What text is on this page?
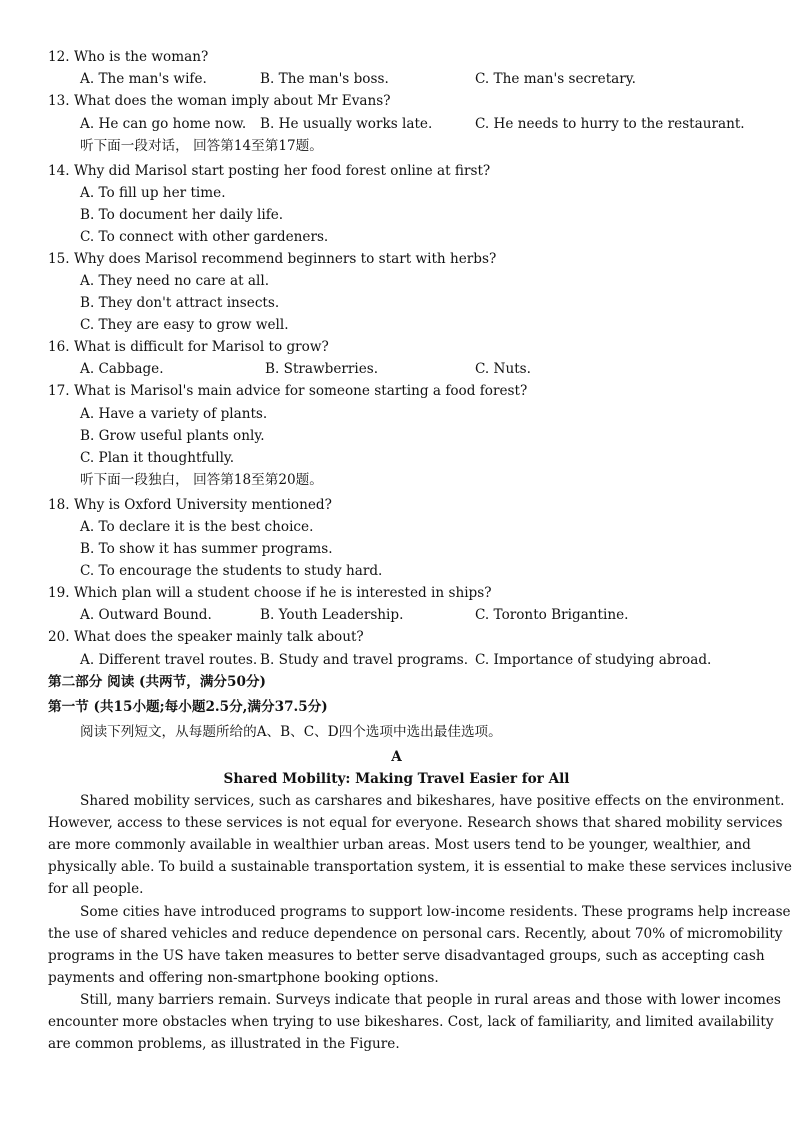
12. Who is the woman?
A. The man's wife.	B. The man's boss.	C. The man's secretary.
13. What does the woman imply about Mr Evans?
A. He can go home now. B. He usually works late.	C. He needs to hurry to the restaurant.
听下面一段对话， 回答第14至第17题。
14. Why did Marisol start posting her food forest online at first?
A. To fill up her time.
B. To document her daily life.
C. To connect with other gardeners.
15. Why does Marisol recommend beginners to start with herbs?
A. They need no care at all.
B. They don't attract insects.
C. They are easy to grow well.
16. What is difficult for Marisol to grow?
A. Cabbage.	B. Strawberries.	C. Nuts.
17. What is Marisol's main advice for someone starting a food forest?
A. Have a variety of plants.
B. Grow useful plants only.
C. Plan it thoughtfully.
听下面一段独白， 回答第18至第20题。
18. Why is Oxford University mentioned?
A. To declare it is the best choice.
B. To show it has summer programs.
C. To encourage the students to study hard.
19. Which plan will a student choose if he is interested in ships?
A. Outward Bound.	B. Youth Leadership.	C. Toronto Brigantine.
20. What does the speaker mainly talk about?
A. Different travel routes. B. Study and travel programs. C. Importance of studying abroad.
第二部分 阅读 (共两节，满分50分)
第一节 (共15小题;每小题2.5分,满分37.5分)
阅读下列短文，从每题所给的A、B、C、D四个选项中选出最佳选项。
A
Shared Mobility: Making Travel Easier for All
Shared mobility services, such as carshares and bikeshares, have positive effects on the environment.
However, access to these services is not equal for everyone. Research shows that shared mobility services
are more commonly available in wealthier urban areas. Most users tend to be younger, wealthier, and
physically able. To build a sustainable transportation system, it is essential to make these services inclusive
for all people.
Some cities have introduced programs to support low-income residents. These programs help increase
the use of shared vehicles and reduce dependence on personal cars. Recently, about 70% of micromobility
programs in the US have taken measures to better serve disadvantaged groups, such as accepting cash
payments and offering non-smartphone booking options.
Still, many barriers remain. Surveys indicate that people in rural areas and those with lower incomes
encounter more obstacles when trying to use bikeshares. Cost, lack of familiarity, and limited availability
are common problems, as illustrated in the Figure.
